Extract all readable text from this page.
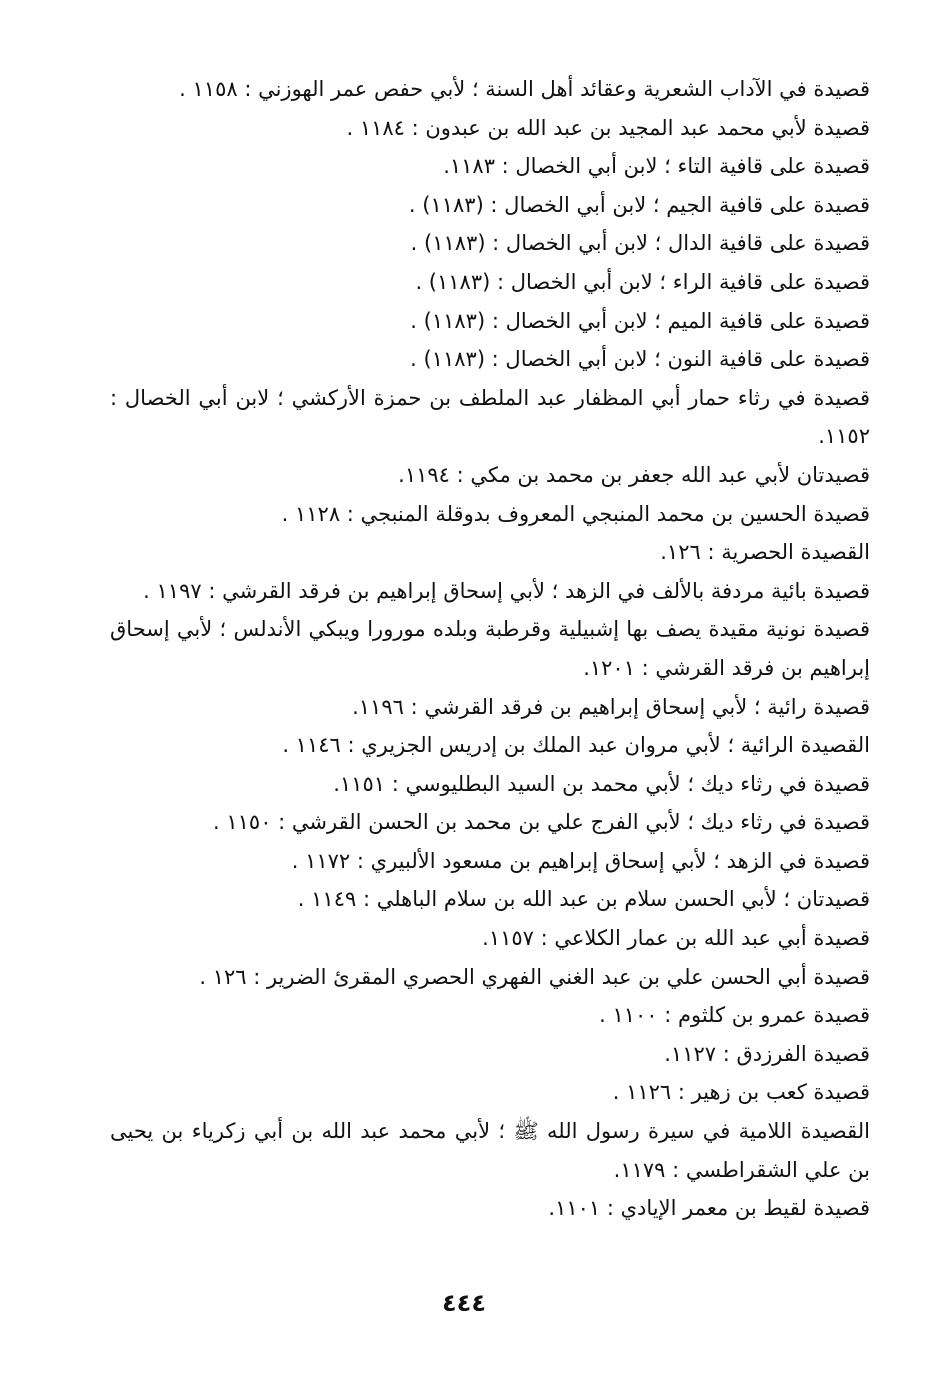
قصيدة في الآداب الشعرية وعقائد أهل السنة ؛ لأبي حفص عمر الهوزني : ١١٥٨ .
قصيدة لأبي محمد عبد المجيد بن عبد الله بن عبدون : ١١٨٤ .
قصيدة على قافية التاء ؛ لابن أبي الخصال : ١١٨٣.
قصيدة على قافية الجيم ؛ لابن أبي الخصال : (١١٨٣) .
قصيدة على قافية الدال ؛ لابن أبي الخصال : (١١٨٣) .
قصيدة على قافية الراء ؛ لابن أبي الخصال : (١١٨٣) .
قصيدة على قافية الميم ؛ لابن أبي الخصال : (١١٨٣) .
قصيدة على قافية النون ؛ لابن أبي الخصال : (١١٨٣) .
قصيدة في رثاء حمار أبي المظفار عبد الملطف بن حمزة الأركشي ؛ لابن أبي الخصال : ١١٥٢.
قصيدتان لأبي عبد الله جعفر بن محمد بن مكي : ١١٩٤.
قصيدة الحسين بن محمد المنبجي المعروف بدوقلة المنبجي : ١١٢٨ .
القصيدة الحصرية : ١٢٦.
قصيدة بائية مردفة بالألف في الزهد ؛ لأبي إسحاق إبراهيم بن فرقد القرشي : ١١٩٧ .
قصيدة نونية مقيدة يصف بها إشبيلية وقرطبة وبلده مورورا ويبكي الأندلس ؛ لأبي إسحاق إبراهيم بن فرقد القرشي : ١٢٠١.
قصيدة رائية ؛ لأبي إسحاق إبراهيم بن فرقد القرشي : ١١٩٦.
القصيدة الرائية ؛ لأبي مروان عبد الملك بن إدريس الجزيري : ١١٤٦ .
قصيدة في رثاء ديك ؛ لأبي محمد بن السيد البطليوسي : ١١٥١.
قصيدة في رثاء ديك ؛ لأبي الفرج علي بن محمد بن الحسن القرشي : ١١٥٠ .
قصيدة في الزهد ؛ لأبي إسحاق إبراهيم بن مسعود الألبيري : ١١٧٢ .
قصيدتان ؛ لأبي الحسن سلام بن عبد الله بن سلام الباهلي : ١١٤٩ .
قصيدة أبي عبد الله بن عمار الكلاعي : ١١٥٧.
قصيدة أبي الحسن علي بن عبد الغني الفهري الحصري المقرئ الضرير : ١٢٦ .
قصيدة عمرو بن كلثوم : ١١٠٠ .
قصيدة الفرزدق : ١١٢٧.
قصيدة كعب بن زهير : ١١٢٦ .
القصيدة اللامية في سيرة رسول الله ﷺ ؛ لأبي محمد عبد الله بن أبي زكرياء بن يحيى بن علي الشقراطسي : ١١٧٩.
قصيدة لقيط بن معمر الإيادي : ١١٠١.
٤٤٤
